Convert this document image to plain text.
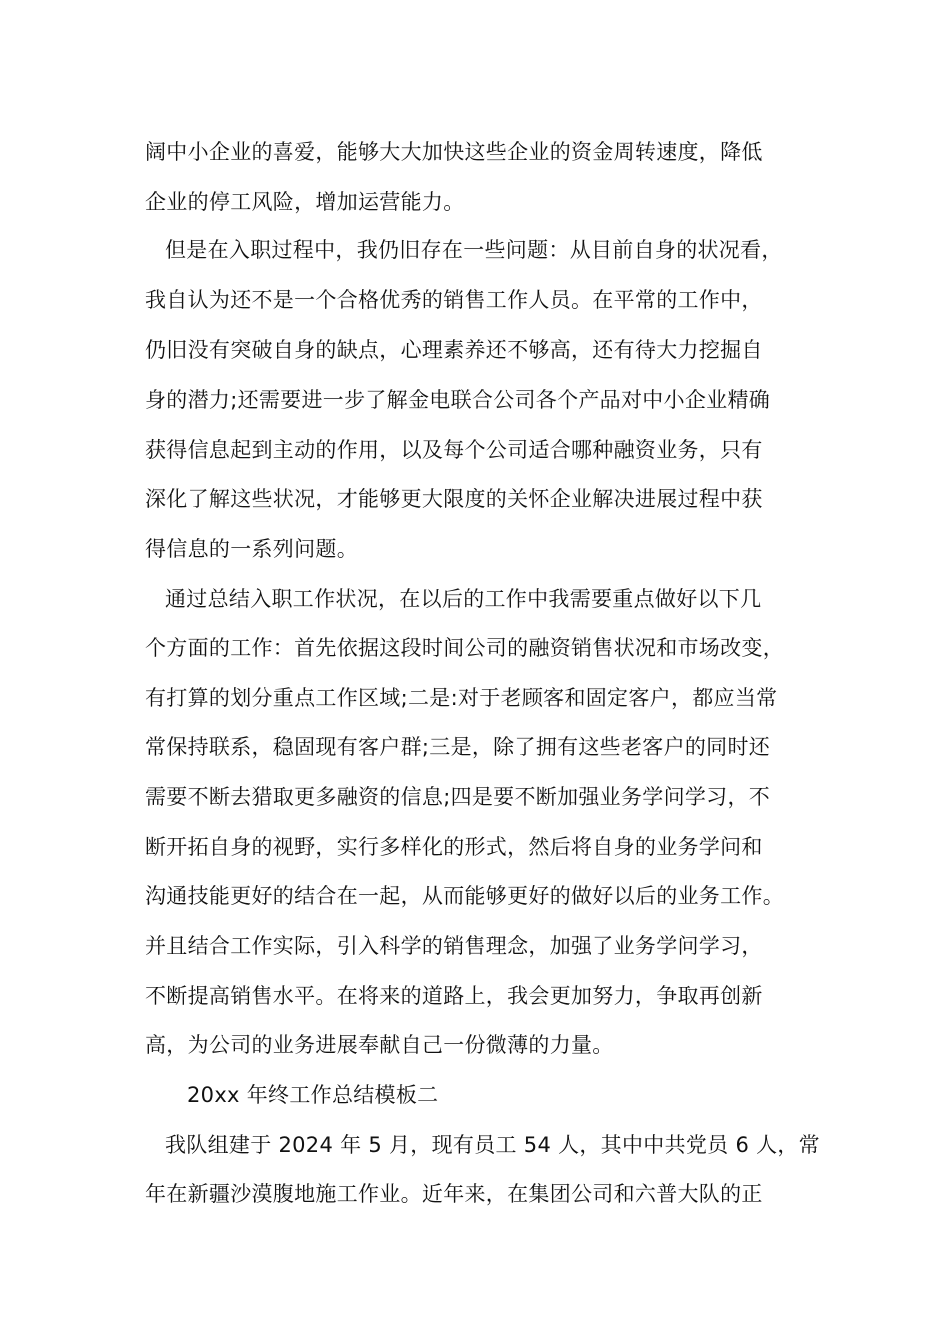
阔中小企业的喜爱，能够大大加快这些企业的资金周转速度，降低
企业的停工风险，增加运营能力。
但是在入职过程中，我仍旧存在一些问题：从目前自身的状况看，
我自认为还不是一个合格优秀的销售工作人员。在平常的工作中，
仍旧没有突破自身的缺点，心理素养还不够高，还有待大力挖掘自
身的潜力;还需要进一步了解金电联合公司各个产品对中小企业精确
获得信息起到主动的作用，以及每个公司适合哪种融资业务，只有
深化了解这些状况，才能够更大限度的关怀企业解决进展过程中获
得信息的一系列问题。
通过总结入职工作状况，在以后的工作中我需要重点做好以下几
个方面的工作：首先依据这段时间公司的融资销售状况和市场改变，
有打算的划分重点工作区域;二是:对于老顾客和固定客户，都应当常
常保持联系，稳固现有客户群;三是，除了拥有这些老客户的同时还
需要不断去猎取更多融资的信息;四是要不断加强业务学问学习，不
断开拓自身的视野，实行多样化的形式，然后将自身的业务学问和
沟通技能更好的结合在一起，从而能够更好的做好以后的业务工作。
并且结合工作实际，引入科学的销售理念，加强了业务学问学习，
不断提高销售水平。在将来的道路上，我会更加努力，争取再创新
高，为公司的业务进展奉献自己一份微薄的力量。
20xx 年终工作总结模板二
我队组建于 2024 年 5 月，现有员工 54 人，其中中共党员 6 人，常
年在新疆沙漠腹地施工作业。近年来，在集团公司和六普大队的正
